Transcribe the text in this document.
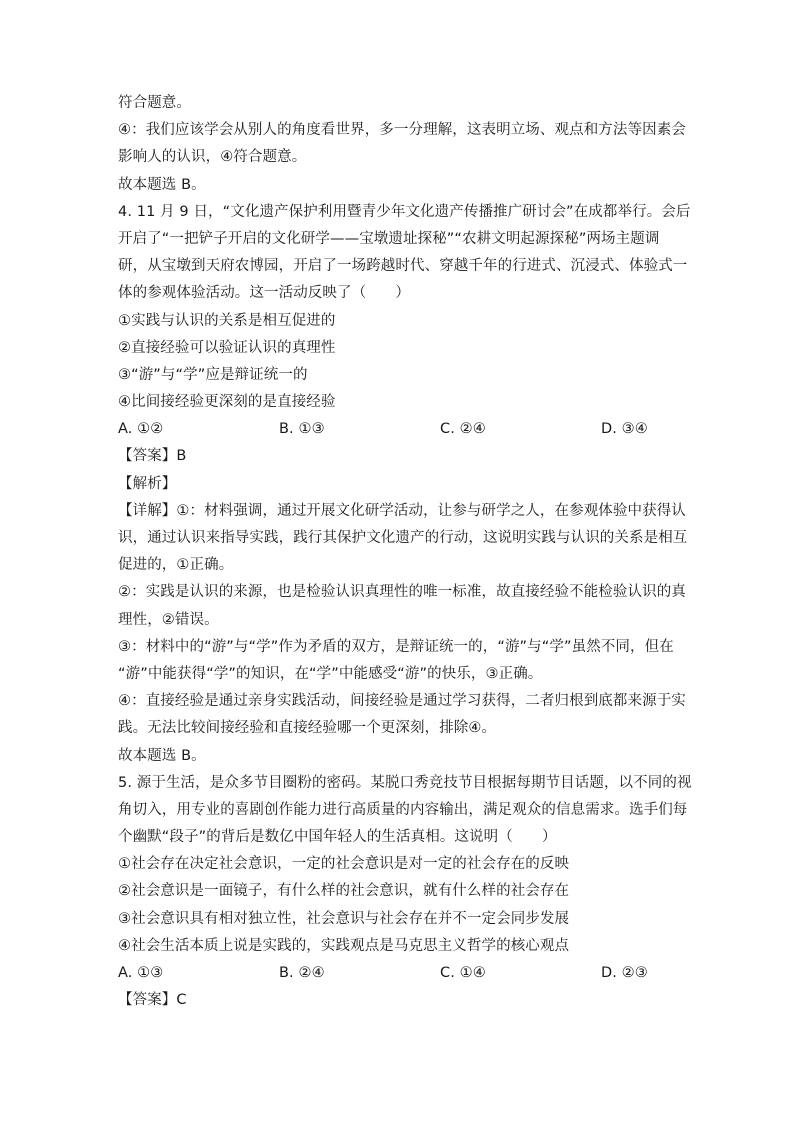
符合题意。
④：我们应该学会从别人的角度看世界，多一分理解，这表明立场、观点和方法等因素会
影响人的认识，④符合题意。
故本题选 B。
4. 11 月 9 日，“文化遗产保护利用暨青少年文化遗产传播推广研讨会”在成都举行。会后
开启了“一把铲子开启的文化研学——宝墩遗址探秘”“农耕文明起源探秘”两场主题调
研，从宝墩到天府农博园，开启了一场跨越时代、穿越千年的行进式、沉浸式、体验式一
体的参观体验活动。这一活动反映了（　　）
①实践与认识的关系是相互促进的
②直接经验可以验证认识的真理性
③“游”与“学”应是辩证统一的
④比间接经验更深刻的是直接经验
A. ①②	B. ①③	C. ②④	D. ③④
【答案】B
【解析】
【详解】①：材料强调，通过开展文化研学活动，让参与研学之人，在参观体验中获得认
识，通过认识来指导实践，践行其保护文化遗产的行动，这说明实践与认识的关系是相互
促进的，①正确。
②：实践是认识的来源，也是检验认识真理性的唯一标准，故直接经验不能检验认识的真
理性，②错误。
③：材料中的“游”与“学”作为矛盾的双方，是辩证统一的，“游”与“学”虽然不同，但在
“游”中能获得“学”的知识，在“学”中能感受“游”的快乐，③正确。
④：直接经验是通过亲身实践活动，间接经验是通过学习获得，二者归根到底都来源于实
践。无法比较间接经验和直接经验哪一个更深刻，排除④。
故本题选 B。
5. 源于生活，是众多节目圈粉的密码。某脱口秀竞技节目根据每期节目话题，以不同的视
角切入，用专业的喜剧创作能力进行高质量的内容输出，满足观众的信息需求。选手们每
个幽默“段子”的背后是数亿中国年轻人的生活真相。这说明（　　）
①社会存在决定社会意识，一定的社会意识是对一定的社会存在的反映
②社会意识是一面镜子，有什么样的社会意识，就有什么样的社会存在
③社会意识具有相对独立性，社会意识与社会存在并不一定会同步发展
④社会生活本质上说是实践的，实践观点是马克思主义哲学的核心观点
A. ①③	B. ②④	C. ①④	D. ②③
【答案】C
